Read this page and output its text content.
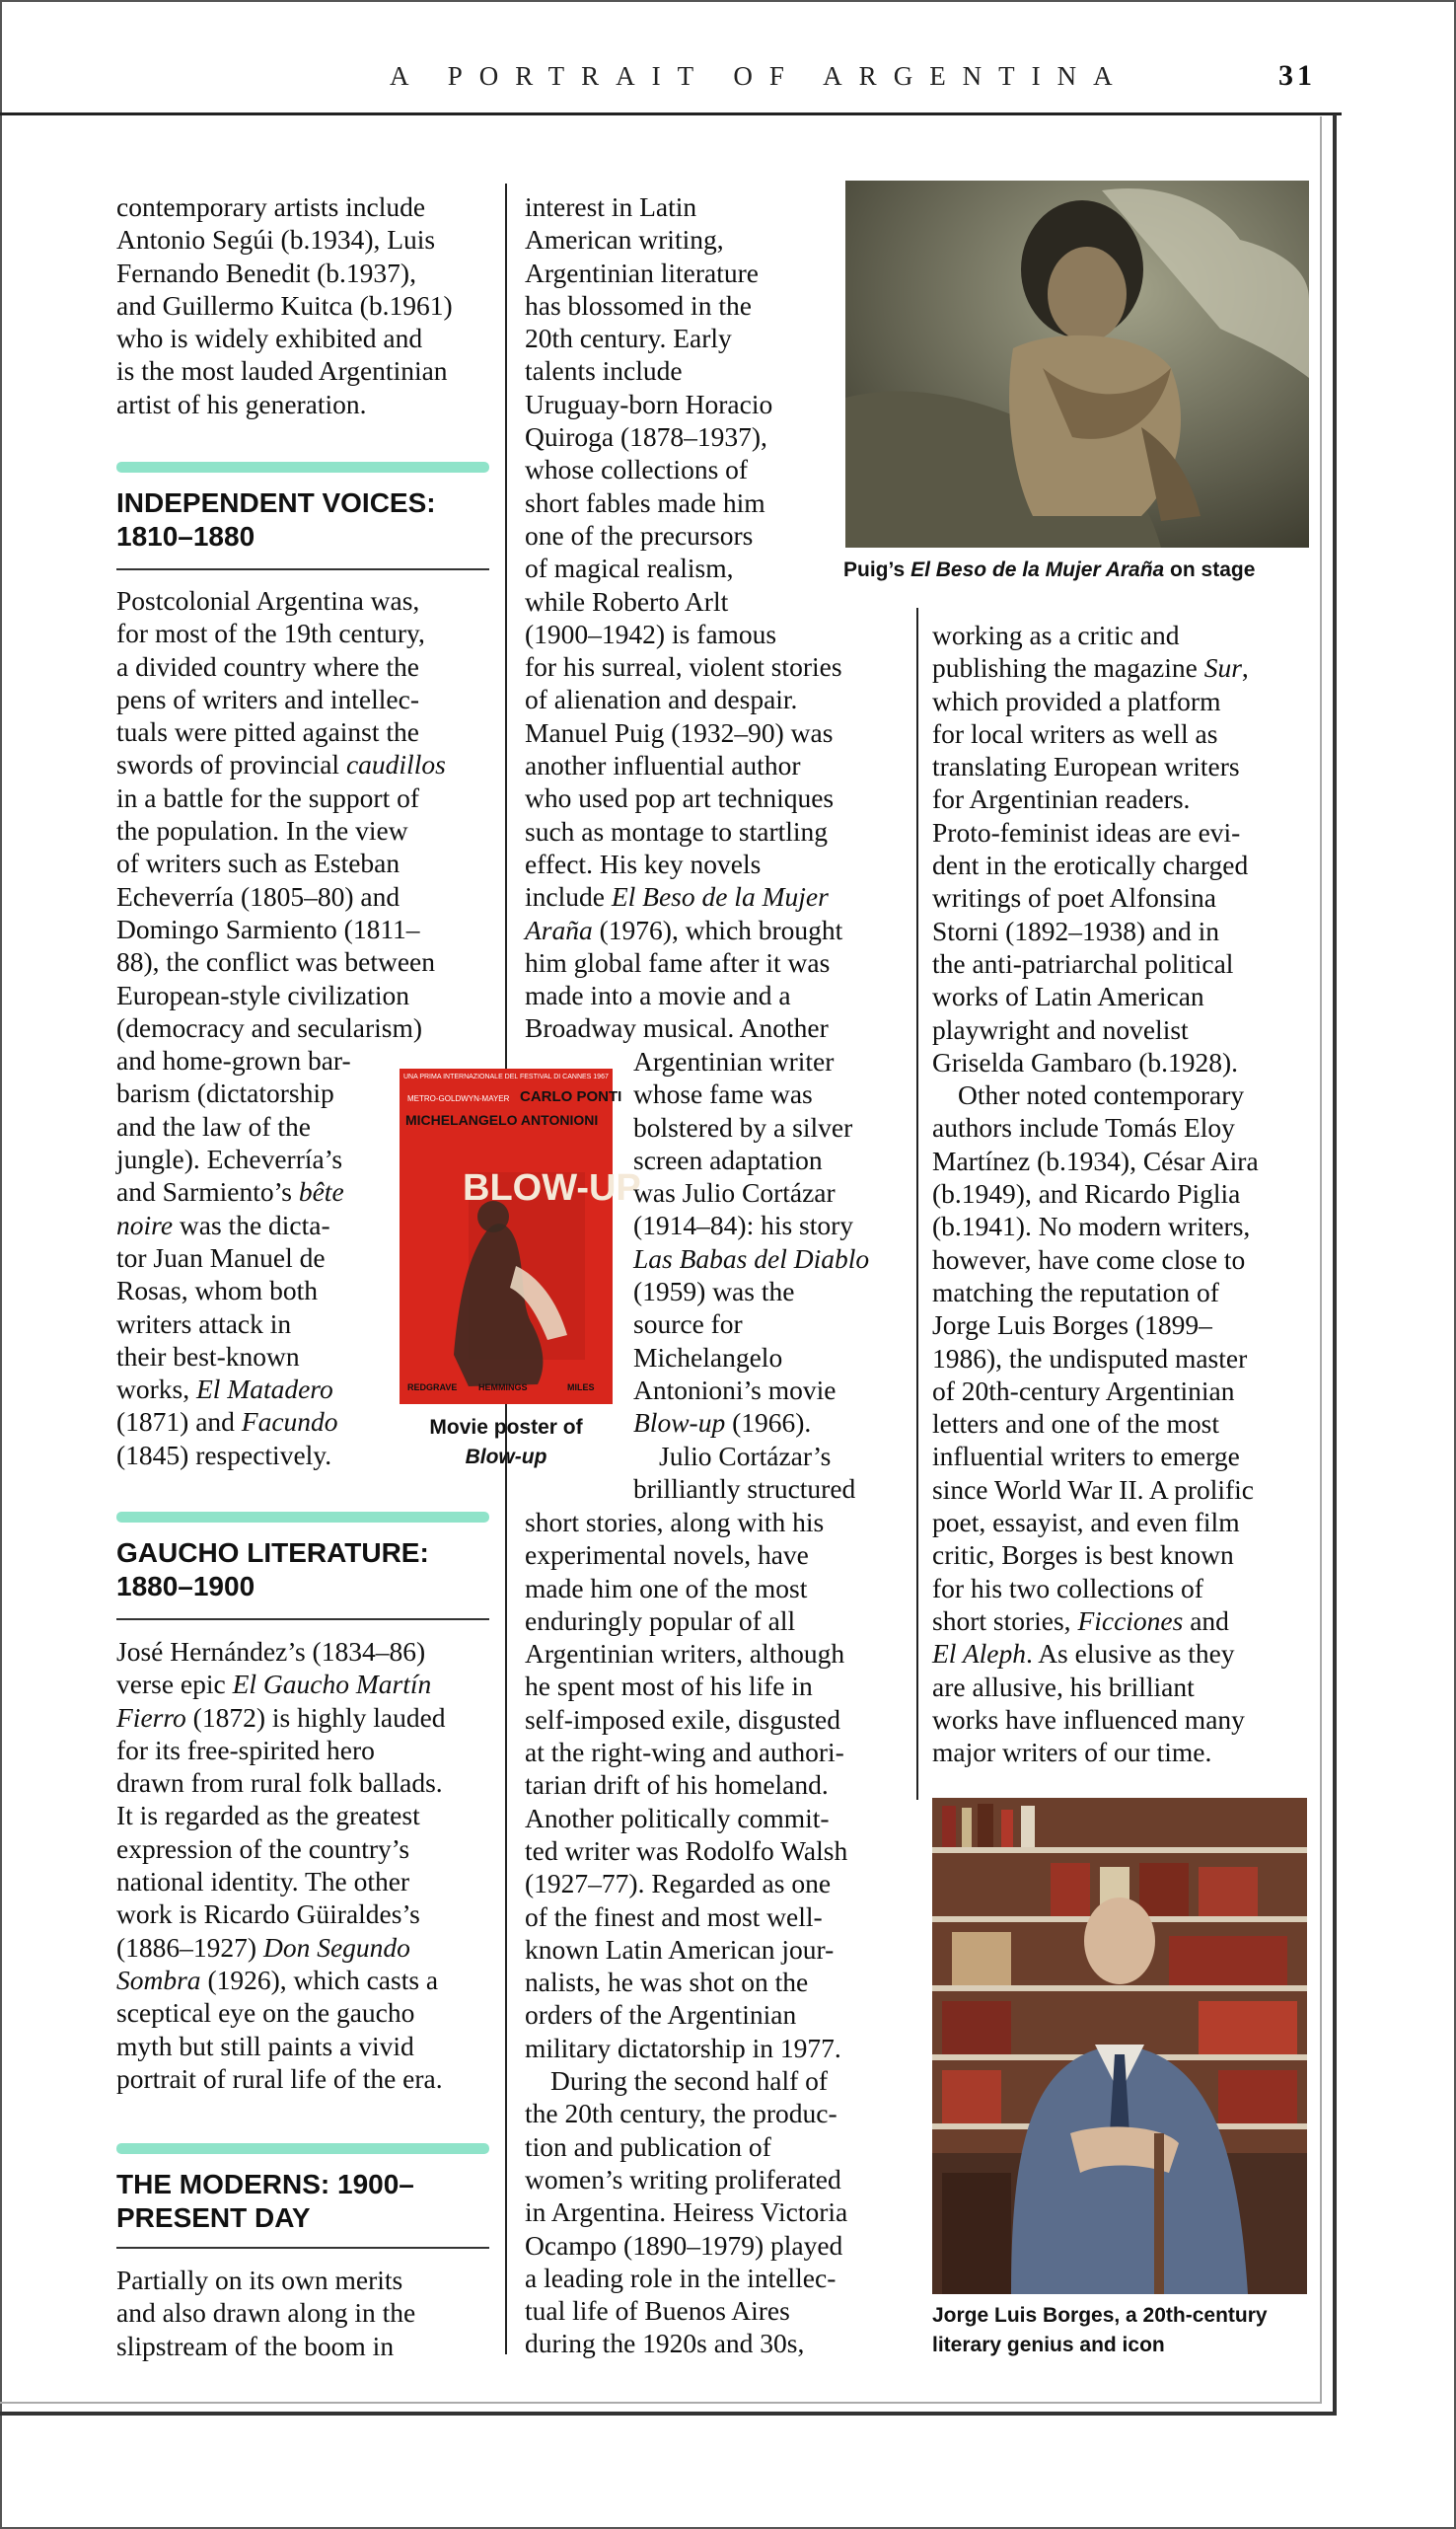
A PORTRAIT OF ARGENTINA	31

contemporary artists include

Antonio Segúi (b.1934), Luis

Fernando Benedit (b.1937),

and Guillermo Kuitca (b.1961)

who is widely exhibited and

is the most lauded Argentinian

artist of his generation.

INDEPENDENT VOICES:
1810–1880

Postcolonial Argentina was,

for most of the 19th century,

a divided country where the

pens of writers and intellec-

tuals were pitted against the

swords of provincial caudillos

in a battle for the support of

the population. In the view

of writers such as Esteban

Echeverría (1805–80) and

Domingo Sarmiento (1811–

88), the conflict was between

European-style civilization

(democracy and secularism)

and home-grown bar-

barism (dictatorship

and the law of the

jungle). Echeverría’s

and Sarmiento’s bête

noire was the dicta-

tor Juan Manuel de

Rosas, whom both

writers attack in

their best-known

works, El Matadero

(1871) and Facundo

(1845) respectively.

GAUCHO LITERATURE:
1880–1900

José Hernández’s (1834–86)

verse epic El Gaucho Martín

Fierro (1872) is highly lauded

for its free-spirited hero

drawn from rural folk ballads.

It is regarded as the greatest

expression of the country’s

national identity. The other

work is Ricardo Güiraldes’s

(1886–1927) Don Segundo

Sombra (1926), which casts a

sceptical eye on the gaucho

myth but still paints a vivid

portrait of rural life of the era.

THE MODERNS: 1900–
PRESENT DAY

Partially on its own merits

and also drawn along in the

slipstream of the boom in

UNA PRIMA INTERNAZIONALE DEL FESTIVAL DI CANNES 1967
METRO-GOLDWYN-MAYER CARLO PONTI
MICHELANGELO ANTONIONI
BLOW-UP
REDGRAVE HEMMINGS	MILES
Movie poster of
Blow-up

interest in Latin

American writing,

Argentinian literature

has blossomed in the

20th century. Early

talents include

Uruguay-born Horacio

Quiroga (1878–1937),

whose collections of

short fables made him

one of the precursors

of magical realism,

while Roberto Arlt

(1900–1942) is famous

for his surreal, violent stories

of alienation and despair.

Manuel Puig (1932–90) was

another influential author

who used pop art techniques

such as montage to startling

effect. His key novels

include El Beso de la Mujer

Araña (1976), which brought

him global fame after it was

made into a movie and a

Broadway musical. Another

Argentinian writer

whose fame was

bolstered by a silver

screen adaptation

was Julio Cortázar

(1914–84): his story

Las Babas del Diablo

(1959) was the

source for

Michelangelo

Antonioni’s movie

Blow-up (1966).

Julio Cortázar’s

brilliantly structured

short stories, along with his

experimental novels, have

made him one of the most

enduringly popular of all

Argentinian writers, although

he spent most of his life in

self-imposed exile, disgusted

at the right-wing and authori-

tarian drift of his homeland.

Another politically commit-

ted writer was Rodolfo Walsh

(1927–77). Regarded as one

of the finest and most well-

known Latin American jour-

nalists, he was shot on the

orders of the Argentinian

military dictatorship in 1977.

During the second half of

the 20th century, the produc-

tion and publication of

women’s writing proliferated

in Argentina. Heiress Victoria

Ocampo (1890–1979) played

a leading role in the intellec-

tual life of Buenos Aires

during the 1920s and 30s,

Puig’s El Beso de la Mujer Araña on stage

working as a critic and

publishing the magazine Sur,

which provided a platform

for local writers as well as

translating European writers

for Argentinian readers.

Proto-feminist ideas are evi-

dent in the erotically charged

writings of poet Alfonsina

Storni (1892–1938) and in

the anti-patriarchal political

works of Latin American

playwright and novelist

Griselda Gambaro (b.1928).

Other noted contemporary

authors include Tomás Eloy

Martínez (b.1934), César Aira

(b.1949), and Ricardo Piglia

(b.1941). No modern writers,

however, have come close to

matching the reputation of

Jorge Luis Borges (1899–

1986), the undisputed master

of 20th-century Argentinian

letters and one of the most

influential writers to emerge

since World War II. A prolific

poet, essayist, and even film

critic, Borges is best known

for his two collections of

short stories, Ficciones and

El Aleph. As elusive as they

are allusive, his brilliant

works have influenced many

major writers of our time.

Jorge Luis Borges, a 20th-century
literary genius and icon
